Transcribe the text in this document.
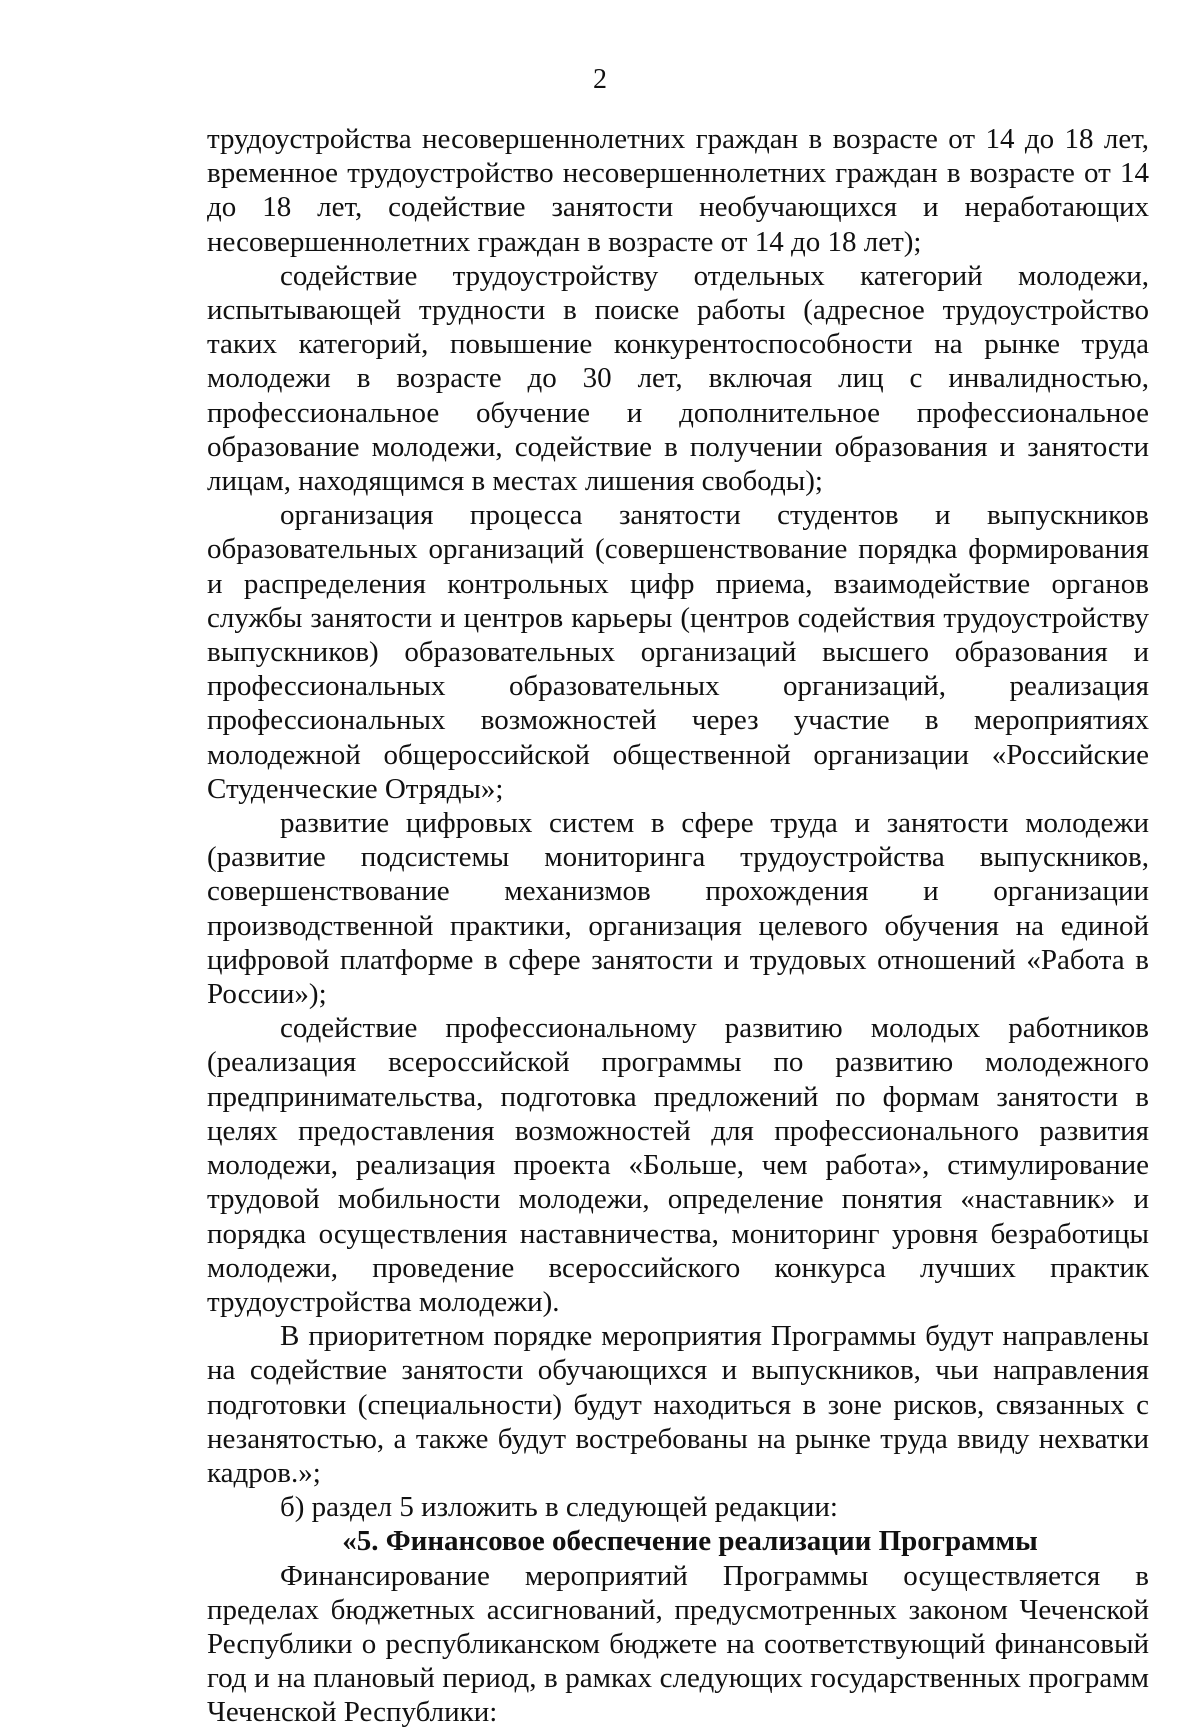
2

трудоустройства несовершеннолетних граждан в возрасте от 14 до 18 лет, временное трудоустройство несовершеннолетних граждан в возрасте от 14 до 18 лет, содействие занятости необучающихся и неработающих несовершеннолетних граждан в возрасте от 14 до 18 лет);

содействие трудоустройству отдельных категорий молодежи, испытывающей трудности в поиске работы (адресное трудоустройство таких категорий, повышение конкурентоспособности на рынке труда молодежи в возрасте до 30 лет, включая лиц с инвалидностью, профессиональное обучение и дополнительное профессиональное образование молодежи, содействие в получении образования и занятости лицам, находящимся в местах лишения свободы);

организация процесса занятости студентов и выпускников образовательных организаций (совершенствование порядка формирования и распределения контрольных цифр приема, взаимодействие органов службы занятости и центров карьеры (центров содействия трудоустройству выпускников) образовательных организаций высшего образования и профессиональных образовательных организаций, реализация профессиональных возможностей через участие в мероприятиях молодежной общероссийской общественной организации «Российские Студенческие Отряды»;

развитие цифровых систем в сфере труда и занятости молодежи (развитие подсистемы мониторинга трудоустройства выпускников, совершенствование механизмов прохождения и организации производственной практики, организация целевого обучения на единой цифровой платформе в сфере занятости и трудовых отношений «Работа в России»);

содействие профессиональному развитию молодых работников (реализация всероссийской программы по развитию молодежного предпринимательства, подготовка предложений по формам занятости в целях предоставления возможностей для профессионального развития молодежи, реализация проекта «Больше, чем работа», стимулирование трудовой мобильности молодежи, определение понятия «наставник» и порядка осуществления наставничества, мониторинг уровня безработицы молодежи, проведение всероссийского конкурса лучших практик трудоустройства молодежи).

В приоритетном порядке мероприятия Программы будут направлены на содействие занятости обучающихся и выпускников, чьи направления подготовки (специальности) будут находиться в зоне рисков, связанных с незанятостью, а также будут востребованы на рынке труда ввиду нехватки кадров.»;

б) раздел 5 изложить в следующей редакции:

«5. Финансовое обеспечение реализации Программы

Финансирование мероприятий Программы осуществляется в пределах бюджетных ассигнований, предусмотренных законом Чеченской Республики о республиканском бюджете на соответствующий финансовый год и на плановый период, в рамках следующих государственных программ Чеченской Республики:
